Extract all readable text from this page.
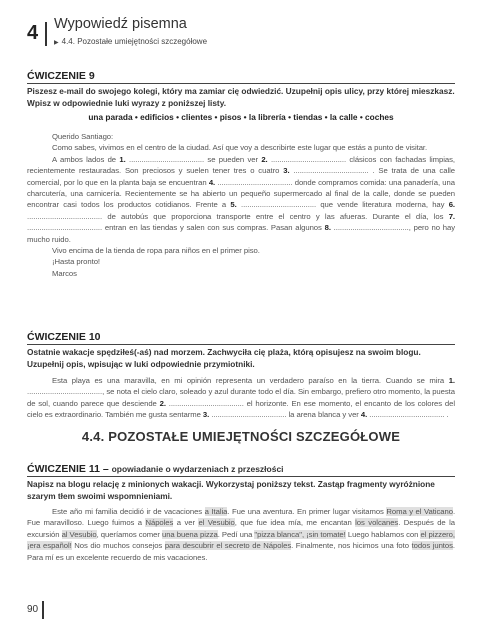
4 Wypowiedź pisemna
▶ 4.4. Pozostałe umiejętności szczegółowe
ĆWICZENIE 9
Piszesz e-mail do swojego kolegi, który ma zamiar cię odwiedzić. Uzupełnij opis ulicy, przy której mieszkasz. Wpisz w odpowiednie luki wyrazy z poniższej listy.
una parada • edificios • clientes • pisos • la librería • tiendas • la calle • coches

Querido Santiago:

Como sabes, vivimos en el centro de la ciudad. Así que voy a describirte este lugar que estás a punto de visitar.

A ambos lados de 1. .................................... se pueden ver 2. .................................... clásicos con fachadas limpias, recientemente restauradas. Son preciosos y suelen tener tres o cuatro 3. .................................... . Se trata de una calle comercial, por lo que en la planta baja se encuentran 4. .................................... donde compramos comida: una panadería, una charcutería, una carnicería. Recientemente se ha abierto un pequeño supermercado al final de la calle, donde se pueden encontrar casi todos los productos cotidianos. Frente a 5. .................................... que vende literatura moderna, hay 6. .................................... de autobús que proporciona transporte entre el centro y las afueras. Durante el día, los 7. .................................... entran en las tiendas y salen con sus compras. Pasan algunos 8. ...................................., pero no hay mucho ruido.

Vivo encima de la tienda de ropa para niños en el primer piso.

¡Hasta pronto!

Marcos

ĆWICZENIE 10
Ostatnie wakacje spędziłeś(-aś) nad morzem. Zachwyciła cię plaża, którą opisujesz na swoim blogu. Uzupełnij opis, wpisując w luki odpowiednie przymiotniki.

Esta playa es una maravilla, en mi opinión representa un verdadero paraíso en la tierra. Cuando se mira 1. ...................................., se nota el cielo claro, soleado y azul durante todo el día. Sin embargo, prefiero otro momento, la puesta de sol, cuando parece que desciende 2. .................................... el horizonte. En ese momento, el encanto de los colores del cielo es extraordinario. También me gusta sentarme 3. .................................... la arena blanca y ver 4. .................................... .

4.4. POZOSTAŁE UMIEJĘTNOŚCI SZCZEGÓŁOWE
ĆWICZENIE 11 – opowiadanie o wydarzeniach z przeszłości
Napisz na blogu relację z minionych wakacji. Wykorzystaj poniższy tekst. Zastąp fragmenty wyróżnione szarym tłem swoimi wspomnieniami.

Este año mi familia decidió ir de vacaciones a Italia. Fue una aventura. En primer lugar visitamos Roma y el Vaticano. Fue maravilloso. Luego fuimos a Nápoles a ver el Vesubio, que fue idea mía, me encantan los volcanes. Después de la excursión al Vesubio, queríamos comer una buena pizza. Pedí una "pizza blanca", ¡sin tomate! Luego hablamos con el pizzero, ¡era español! Nos dio muchos consejos para descubrir el secreto de Nápoles. Finalmente, nos hicimos una foto todos juntos. Para mí es un excelente recuerdo de mis vacaciones.

90
